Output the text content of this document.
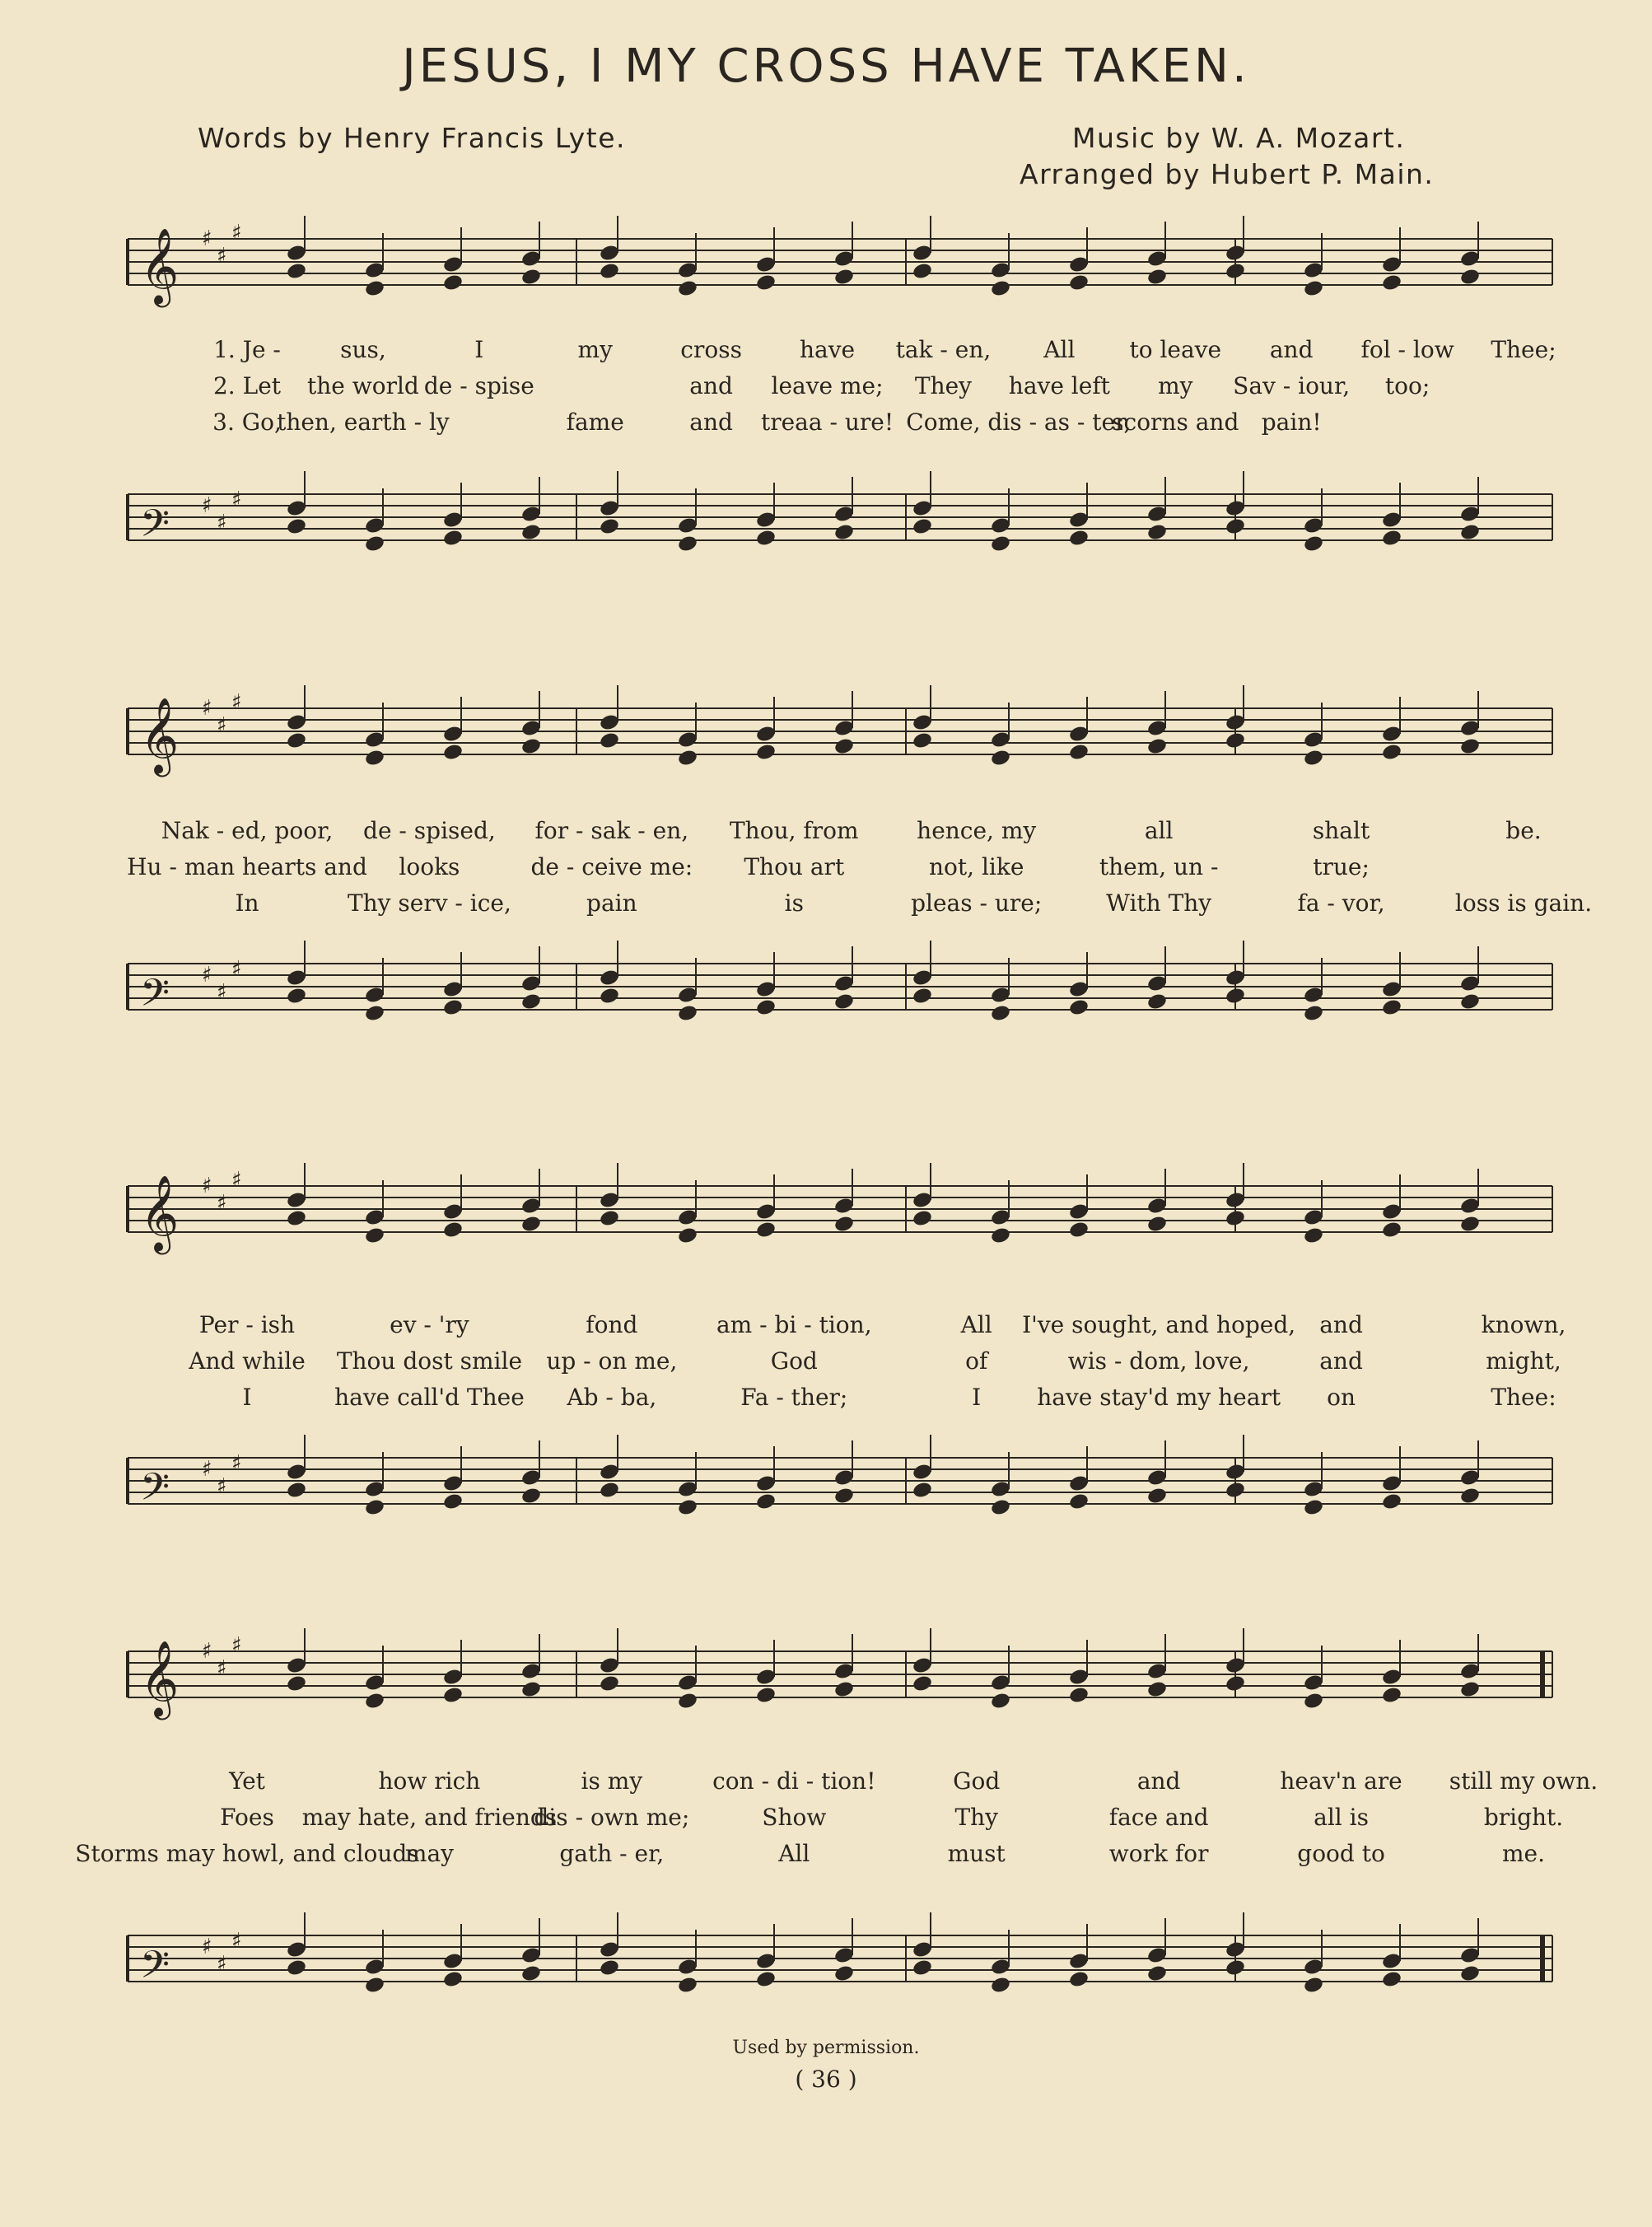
JESUS, I MY CROSS HAVE TAKEN.
Words by Henry Francis Lyte.	Music by W. A. Mozart.
Arranged by Hubert P. Main.
𝄞 ♯
♯
♯
1. Je -	sus,	I	my	cross	have tak - en, All to leave and fol - low Thee;
2. Let the world de - spise	and leave me; They have left my Sav - iour, too;
3. Go,
then, earth - ly	fame	and treaa - ure! Come, dis - as - ter,
scorns and pain!
𝄢 ♯
♯
♯
𝄞 ♯
♯
♯
Nak - ed, poor, de - spised, for - sak - en, Thou, from	hence, my	all	shalt	be.
Hu - man hearts and looks	de - ceive me: Thou art	not, like	them, un -	true;
In	Thy serv - ice,	pain	is	pleas - ure;	With Thy	fa - vor,	loss is gain.
𝄢 ♯
♯
♯
𝄞 ♯
♯
♯
Per - ish	ev - 'ry	fond	am - bi - tion,	All I've sought, and hoped, and	known,
And while Thou dost smile up - on me,	God	of	wis - dom, love,	and	might,
I	have call'd Thee Ab - ba,	Fa - ther;	I have stay'd my heart on	Thee:
𝄢 ♯
♯
♯
𝄞 ♯
♯
♯
Yet	how rich	is my	con - di - tion!	God	and	heav'n are still my own.
Foes may hate, and friends
dis - own me;	Show	Thy	face and	all is	bright.
Storms may howl, and clouds
may	gath - er,	All	must	work for	good to	me.
𝄢 ♯
♯
♯
Used by permission.
( 36 )
